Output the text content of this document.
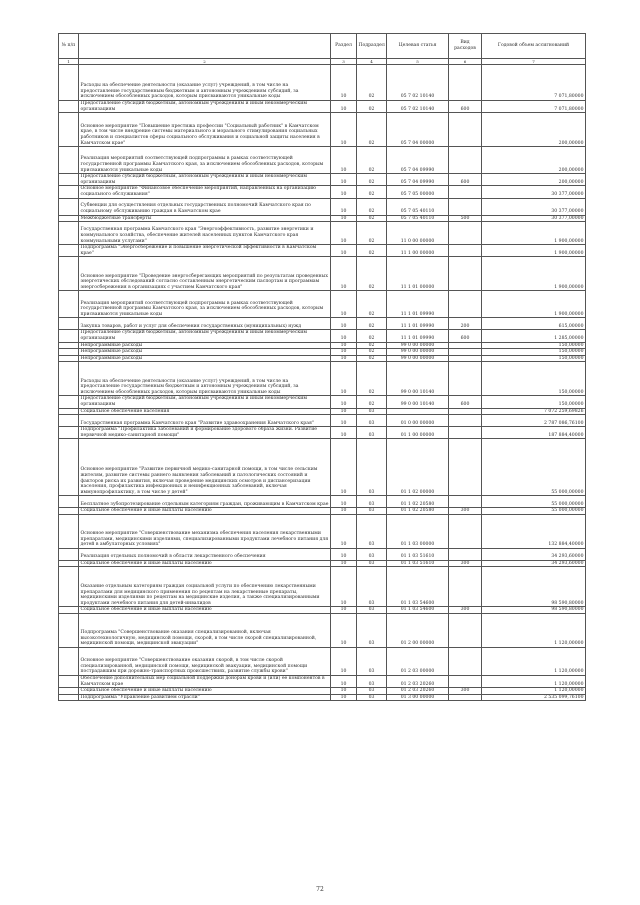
№ п/п		Раздел	Подраздел	Целевая статья	Вид расходов	Годовой объем ассигнований
1	2	3	4	5	6	7
	Расходы на обеспечение деятельности (оказание услуг) учреждений, в том числе на предоставление государственным бюджетным и автономным учреждениям субсидий, за исключением обособленных расходов, которым присваиваются уникальные коды	10	02	05 7 02 10140		7 071,80000
	Предоставление субсидий бюджетным, автономным учреждениям и иным некоммерческим организациям	10	02	05 7 02 10140	600	7 071,80000
	Основное мероприятие "Повышение престижа профессии "Социальный работник" в Камчатском крае, в том числе внедрение системы материального и морального стимулирования социальных работников и специалистов сферы социального обслуживания и социальной защиты населения в Камчатском крае"	10	02	05 7 04 00000		200,00000
	Реализация мероприятий соответствующей подпрограммы в рамках соответствующей государственной программы Камчатского края, за исключением обособленных расходов, которым присваиваются уникальные коды	10	02	05 7 04 09990		200,00000
	Предоставление субсидий бюджетным, автономным учреждениям и иным некоммерческим организациям	10	02	05 7 04 09990	600	200,00000
	Основное мероприятие "Финансовое обеспечение мероприятий, направленных на организацию социального обслуживания"	10	02	05 7 05 00000		30 377,00000
	Субвенции для осуществления отдельных государственных полномочий Камчатского края по социальному обслуживанию граждан в Камчатском крае	10	02	05 7 05 40110		30 377,00000
	Межбюджетные трансферты	10	02	05 7 05 40110	500	30 377,00000
	Государственная программа Камчатского края "Энергоэффективность, развитие энергетики и коммунального хозяйства, обеспечение жителей населенных пунктов Камчатского края коммунальными услугами"	10	02	11 0 00 00000		1 900,00000
	Подпрограмма "Энергосбережение и повышение энергетической эффективности в Камчатском крае"	10	02	11 1 00 00000		1 900,00000
	Основное мероприятие "Проведение энергосберегающих мероприятий по результатам проведенных энергетических обследований согласно составленным энергетическим паспортам и программам энергосбережения в организациях с участием Камчатского края"	10	02	11 1 01 00000		1 900,00000
	Реализация мероприятий соответствующей подпрограммы в рамках соответствующей государственной программы Камчатского края, за исключением обособленных расходов, которым присваиваются уникальные коды	10	02	11 1 01 09990		1 900,00000
	Закупка товаров, работ и услуг для обеспечения государственных (муниципальных) нужд	10	02	11 1 01 09990	200	615,00000
	Предоставление субсидий бюджетным, автономным учреждениям и иным некоммерческим организациям	10	02	11 1 01 09990	600	1 285,00000
	Непрограммные расходы	10	02	99 0 00 00000		150,00000
	Непрограммные расходы	10	02	99 0 00 00000		150,00000
	Непрограммные расходы	10	02	99 0 00 00000		150,00000
	Расходы на обеспечение деятельности (оказание услуг) учреждений, в том числе на предоставление государственным бюджетным и автономным учреждениям субсидий, за исключением обособленных расходов, которым присваиваются уникальные коды	10	02	99 0 00 10140		150,00000
	Предоставление субсидий бюджетным, автономным учреждениям и иным некоммерческим организациям	10	02	99 0 00 10140	600	150,00000
	Социальное обеспечение населения	10	03			7 072 259,69826
	Государственная программа Камчатского края "Развитие здравоохранения Камчатского края"	10	03	01 0 00 00000		2 787 086,76100
	Подпрограмма "Профилактика заболеваний и формирование здорового образа жизни. Развитие первичной медико-санитарной помощи"	10	03	01 1 00 00000		187 884,40000
	Основное мероприятие "Развитие первичной медико-санитарной помощи, в том числе сельским жителям, развитие системы раннего выявления заболеваний и патологических состояний и факторов риска их развития, включая проведение медицинских осмотров и диспансеризации населения, профилактика инфекционных и неинфекционных заболеваний, включая иммунопрофилактику, в том числе у детей"	10	03	01 1 02 00000		55 000,00000
	Бесплатное зубопротезирование отдельным категориям граждан, проживающим в Камчатском крае	10	03	01 1 02 20580		55 000,00000
	Социальное обеспечение и иные выплаты населению	10	03	01 1 02 20580	300	55 000,00000
	Основное мероприятие "Совершенствование механизма обеспечения населения лекарственными препаратами, медицинскими изделиями, специализированными продуктами лечебного питания для детей в амбулаторных условиях"	10	03	01 1 03 00000		132 884,40000
	Реализация отдельных полномочий в области лекарственного обеспечения	10	03	01 1 03 51610		34 293,60000
	Социальное обеспечение и иные выплаты населению	10	03	01 1 03 51610	300	34 293,60000
	Оказание отдельным категориям граждан социальной услуги по обеспечению лекарственными препаратами для медицинского применения по рецептам на лекарственные препараты, медицинскими изделиями по рецептам на медицинские изделия, а также специализированными продуктами лечебного питания для детей-инвалидов	10	03	01 1 03 54600		98 590,80000
	Социальное обеспечение и иные выплаты населению	10	03	01 1 03 54600	300	98 590,80000
	Подпрограмма "Совершенствование оказания специализированной, включая высокотехнологичную, медицинской помощи, скорой, в том числе скорой специализированной, медицинской помощи, медицинской эвакуации"	10	03	01 2 00 00000		1 120,00000
	Основное мероприятие "Совершенствование оказания скорой, в том числе скорой специализированной, медицинской помощи, медицинской эвакуации, медицинской помощи пострадавшим при дорожно-транспортных происшествиях, развитие службы крови"	10	03	01 2 03 00000		1 120,00000
	Обеспечение дополнительных мер социальной поддержки донорам крови и (или) ее компонентов в Камчатском крае	10	03	01 2 03 20260		1 120,00000
	Социальное обеспечение и иные выплаты населению	10	03	01 2 03 20260	300	1 120,00000
	Подпрограмма "Управление развитием отрасли"	10	03	01 3 00 00000		2 535 099,76100
72
